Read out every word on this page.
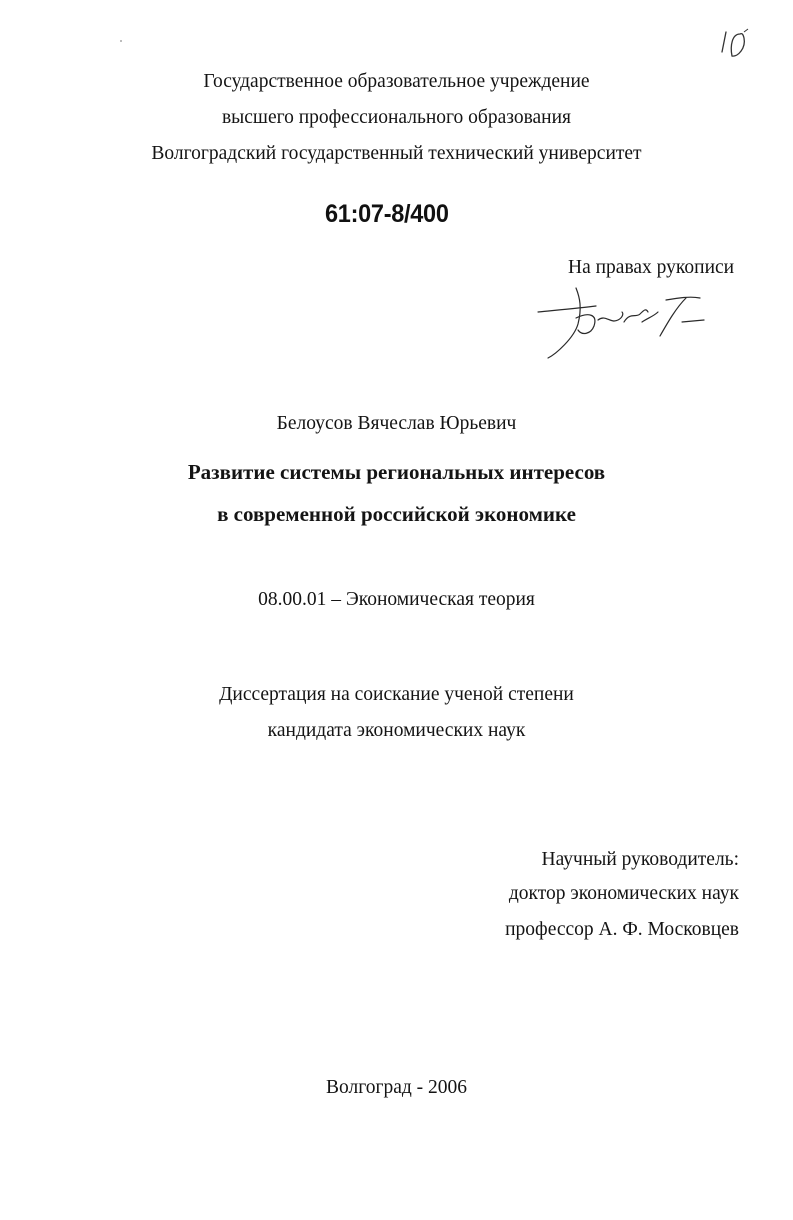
Государственное образовательное учреждение
высшего профессионального образования
Волгоградский государственный технический университет
61:07-8/400
На правах рукописи
Белоусов Вячеслав Юрьевич
Развитие системы региональных интересов
в современной российской экономике
08.00.01 – Экономическая теория
Диссертация на соискание ученой степени
кандидата экономических наук
Научный руководитель:
доктор экономических наук
профессор А. Ф. Московцев
Волгоград - 2006
